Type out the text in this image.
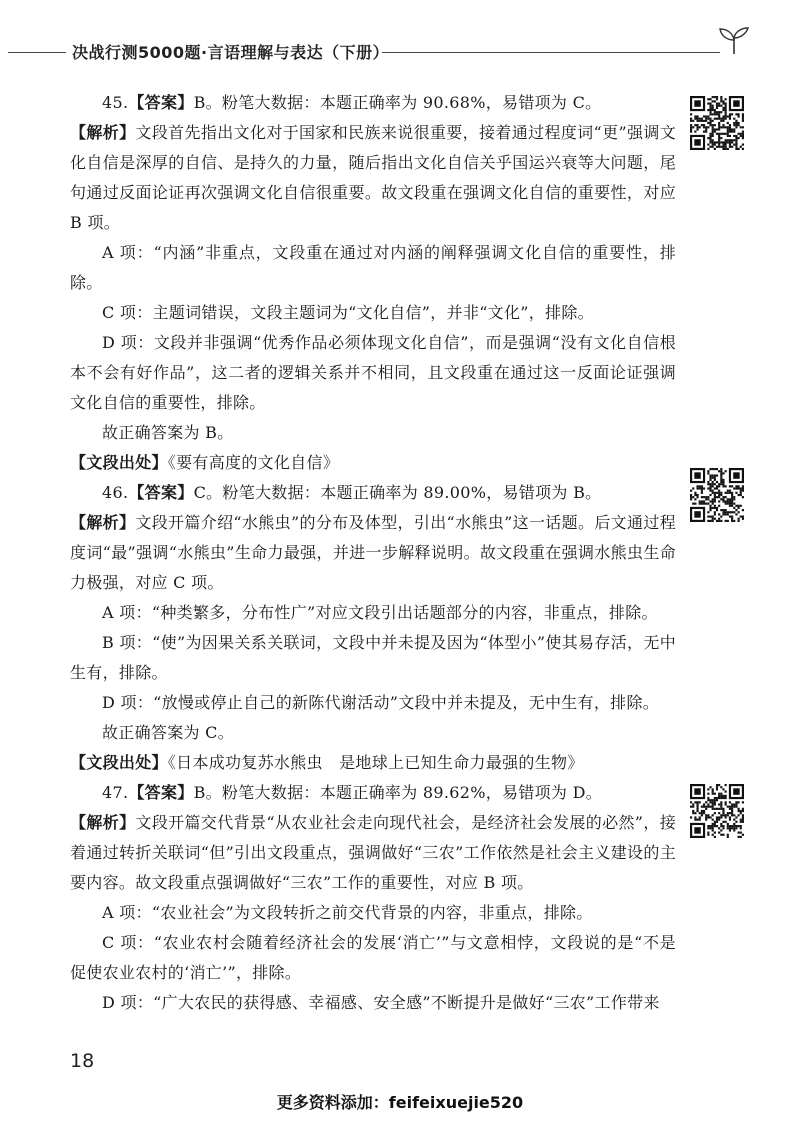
决战行测5000题·言语理解与表达（下册）

45.【答案】B。粉笔大数据：本题正确率为 90.68%，易错项为 C。

【解析】文段首先指出文化对于国家和民族来说很重要，接着通过程度词“更”强调文化自信是深厚的自信、是持久的力量，随后指出文化自信关乎国运兴衰等大问题，尾句通过反面论证再次强调文化自信很重要。故文段重在强调文化自信的重要性，对应 B 项。

A 项：“内涵”非重点，文段重在通过对内涵的阐释强调文化自信的重要性，排除。

C 项：主题词错误，文段主题词为“文化自信”，并非“文化”，排除。

D 项：文段并非强调“优秀作品必须体现文化自信”，而是强调“没有文化自信根本不会有好作品”，这二者的逻辑关系并不相同，且文段重在通过这一反面论证强调文化自信的重要性，排除。

故正确答案为 B。

【文段出处】《要有高度的文化自信》

46.【答案】C。粉笔大数据：本题正确率为 89.00%，易错项为 B。

【解析】文段开篇介绍“水熊虫”的分布及体型，引出“水熊虫”这一话题。后文通过程度词“最”强调“水熊虫”生命力最强，并进一步解释说明。故文段重在强调水熊虫生命力极强，对应 C 项。

A 项：“种类繁多，分布性广”对应文段引出话题部分的内容，非重点，排除。

B 项：“使”为因果关系关联词，文段中并未提及因为“体型小”使其易存活，无中生有，排除。

D 项：“放慢或停止自己的新陈代谢活动”文段中并未提及，无中生有，排除。

故正确答案为 C。

【文段出处】《日本成功复苏水熊虫　是地球上已知生命力最强的生物》

47.【答案】B。粉笔大数据：本题正确率为 89.62%，易错项为 D。

【解析】文段开篇交代背景“从农业社会走向现代社会，是经济社会发展的必然”，接着通过转折关联词“但”引出文段重点，强调做好“三农”工作依然是社会主义建设的主要内容。故文段重点强调做好“三农”工作的重要性，对应 B 项。

A 项：“农业社会”为文段转折之前交代背景的内容，非重点，排除。

C 项：“农业农村会随着经济社会的发展‘消亡’”与文意相悖，文段说的是“不是促使农业农村的‘消亡’”，排除。

D 项：“广大农民的获得感、幸福感、安全感”不断提升是做好“三农”工作带来

18
更多资料添加：feifeixuejie520
